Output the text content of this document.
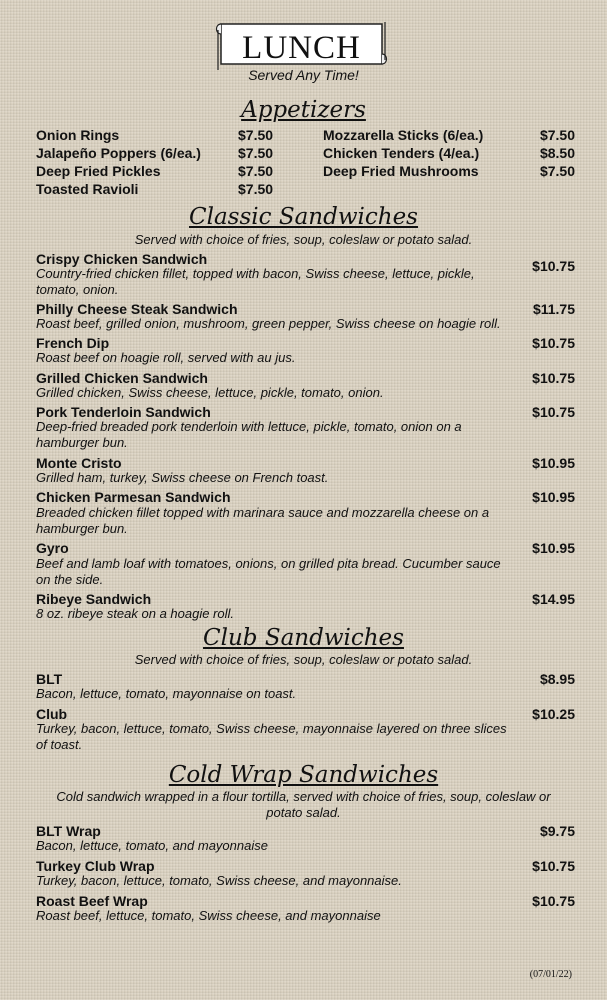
LUNCH
Served Any Time!
Appetizers
Onion Rings	$7.50
Jalapeño Poppers (6/ea.)	$7.50
Deep Fried Pickles	$7.50
Toasted Ravioli	$7.50
Mozzarella Sticks (6/ea.)	$7.50
Chicken Tenders (4/ea.)	$8.50
Deep Fried Mushrooms	$7.50
Classic Sandwiches
Served with choice of fries, soup, coleslaw or potato salad.
Crispy Chicken Sandwich	$10.75
Country-fried chicken fillet, topped with bacon, Swiss cheese, lettuce, pickle, tomato, onion.
Philly Cheese Steak Sandwich	$11.75
Roast beef, grilled onion, mushroom, green pepper, Swiss cheese on hoagie roll.
French Dip	$10.75
Roast beef on hoagie roll, served with au jus.
Grilled Chicken Sandwich	$10.75
Grilled chicken, Swiss cheese, lettuce, pickle, tomato, onion.
Pork Tenderloin Sandwich	$10.75
Deep-fried breaded pork tenderloin with lettuce, pickle, tomato, onion on a hamburger bun.
Monte Cristo	$10.95
Grilled ham, turkey, Swiss cheese on French toast.
Chicken Parmesan Sandwich	$10.95
Breaded chicken fillet topped with marinara sauce and mozzarella cheese on a hamburger bun.
Gyro	$10.95
Beef and lamb loaf with tomatoes, onions, on grilled pita bread. Cucumber sauce on the side.
Ribeye Sandwich	$14.95
8 oz. ribeye steak on a hoagie roll.
Club Sandwiches
Served with choice of fries, soup, coleslaw or potato salad.
BLT	$8.95
Bacon, lettuce, tomato, mayonnaise on toast.
Club	$10.25
Turkey, bacon, lettuce, tomato, Swiss cheese, mayonnaise layered on three slices of toast.
Cold Wrap Sandwiches
Cold sandwich wrapped in a flour tortilla, served with choice of fries, soup, coleslaw or potato salad.
BLT Wrap	$9.75
Bacon, lettuce, tomato, and mayonnaise
Turkey Club Wrap	$10.75
Turkey, bacon, lettuce, tomato, Swiss cheese, and mayonnaise.
Roast Beef Wrap	$10.75
Roast beef, lettuce, tomato, Swiss cheese, and mayonnaise
(07/01/22)
